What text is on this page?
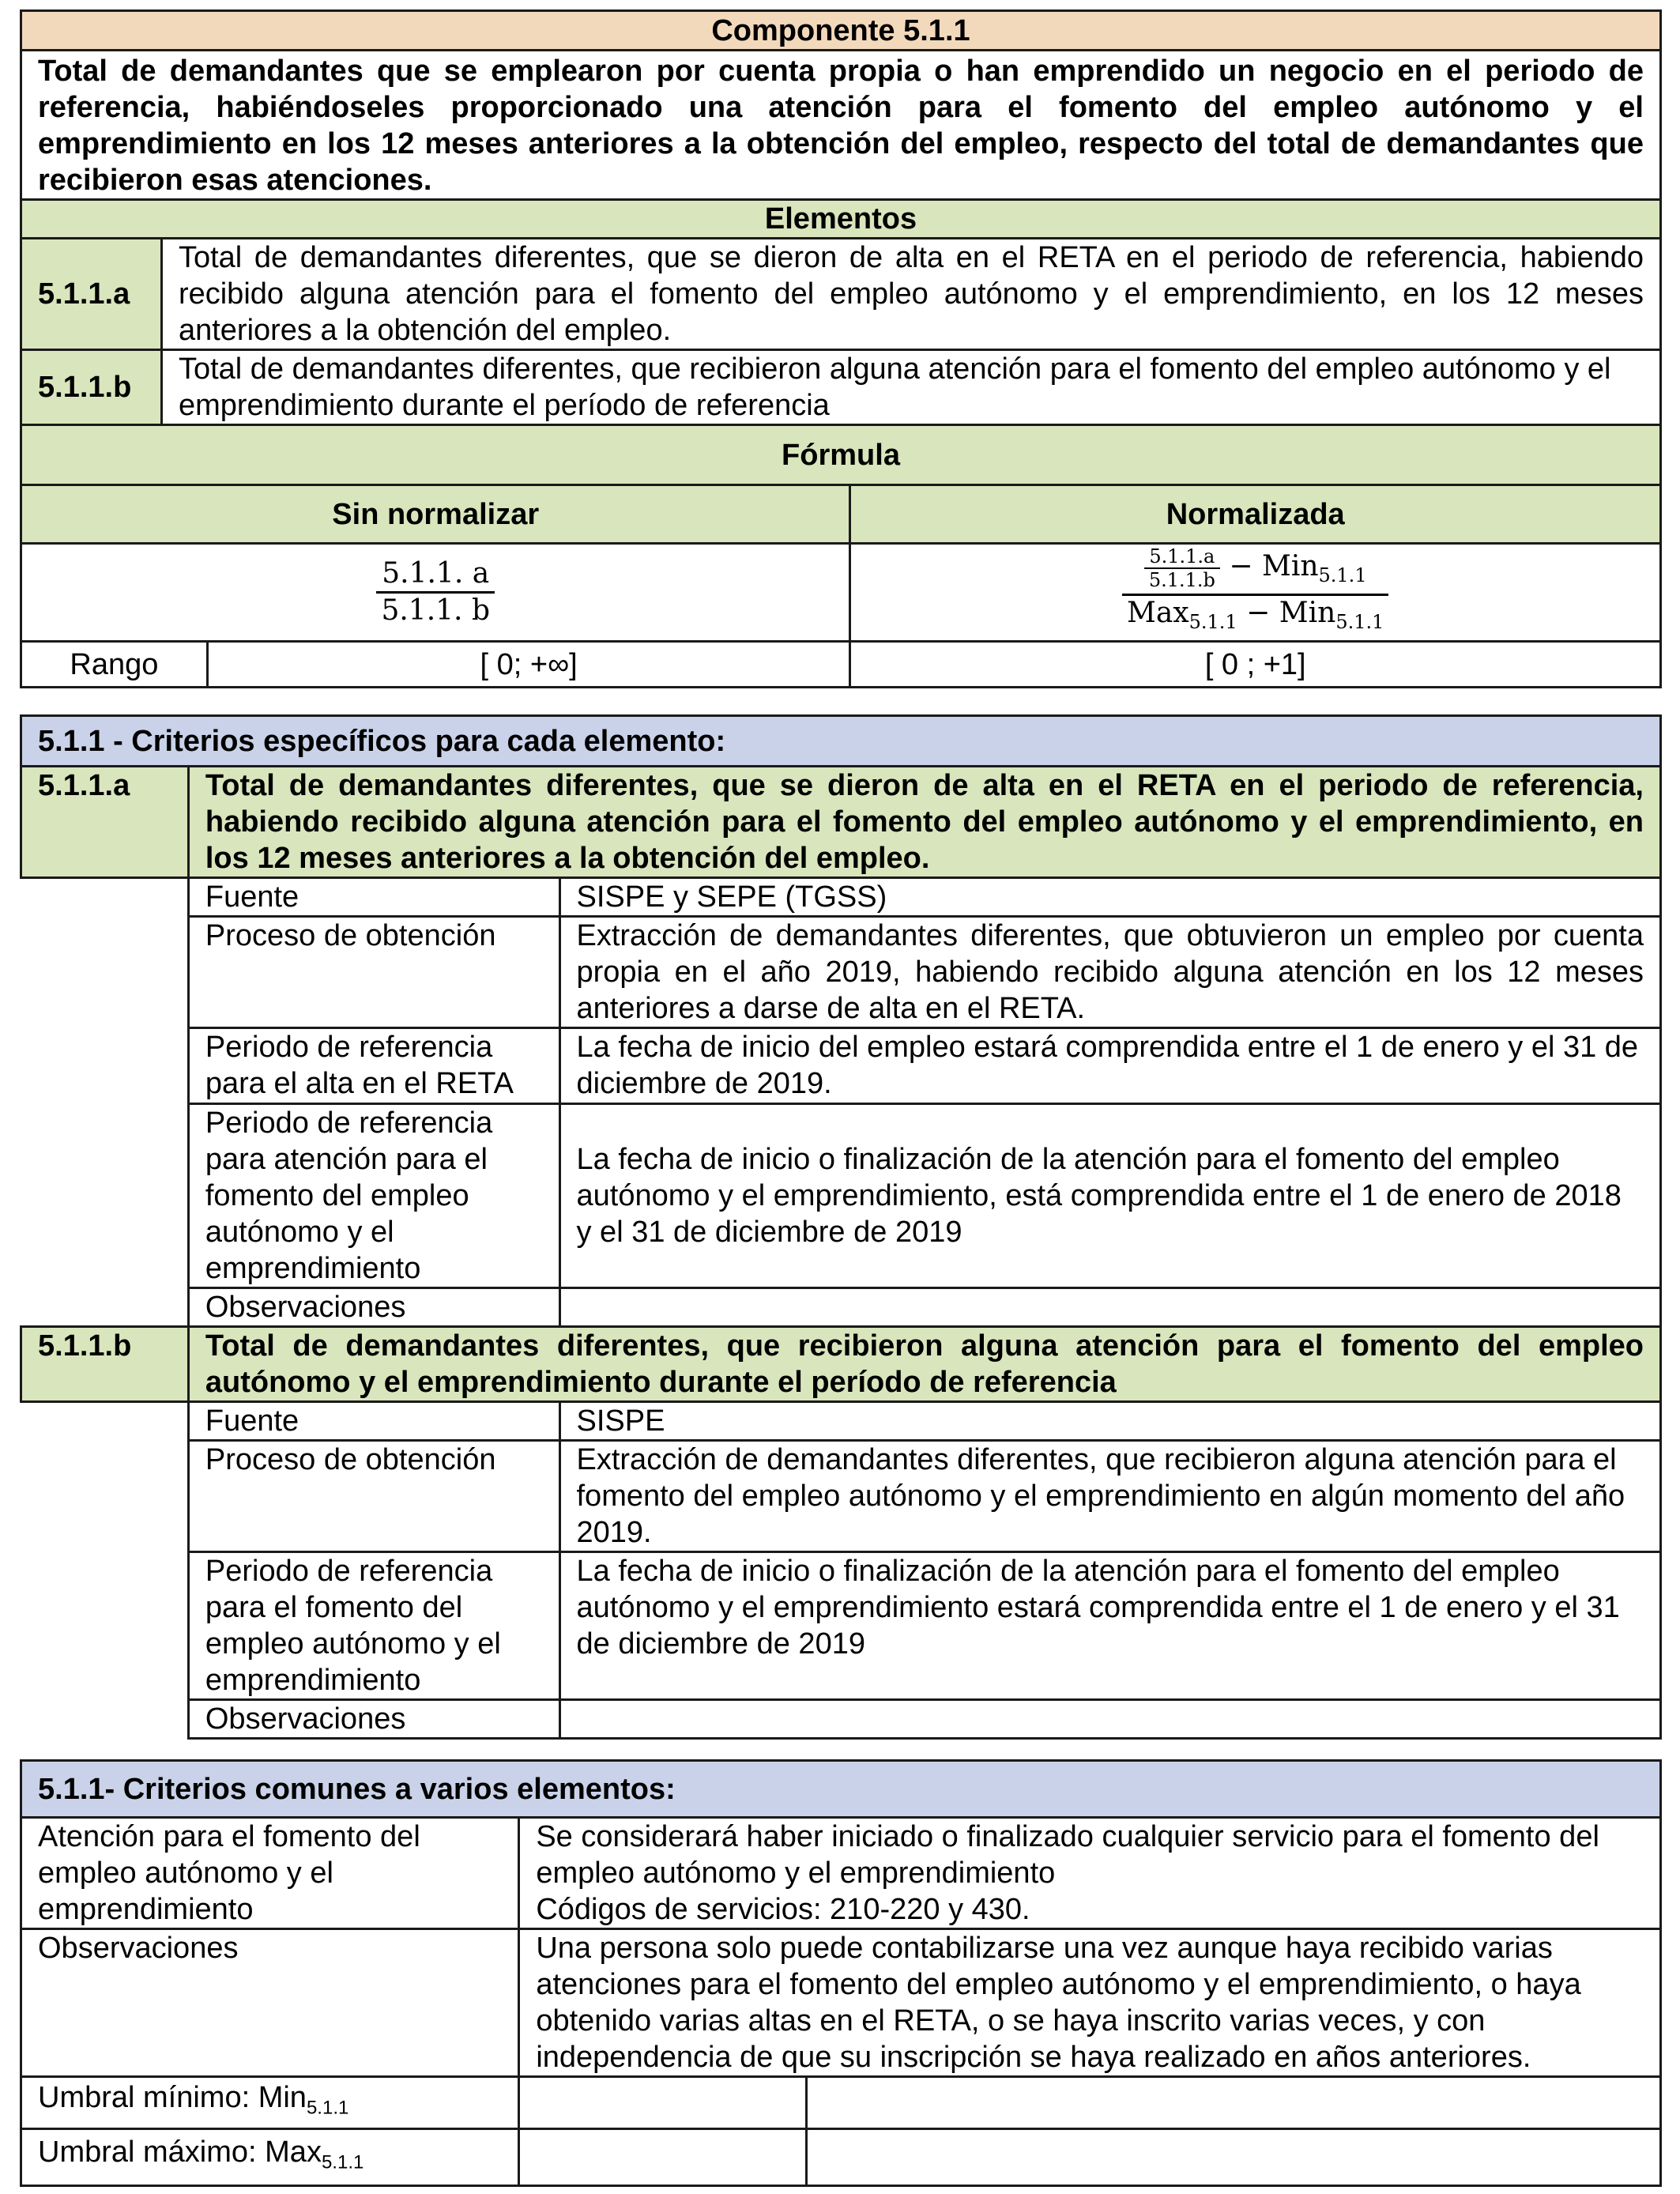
Componente 5.1.1			
Total de demandantes que se emplearon por cuenta propia o han emprendido un negocio en el periodo de referencia, habiéndoseles proporcionado una atención para el fomento del empleo autónomo y el emprendimiento en los 12 meses anteriores a la obtención del empleo, respecto del total de demandantes que recibieron esas atenciones.			
Elementos			
5.1.1.a	Total de demandantes diferentes, que se dieron de alta en el RETA en el periodo de referencia, habiendo recibido alguna atención para el fomento del empleo autónomo y el emprendimiento, en los 12 meses anteriores a la obtención del empleo.		
5.1.1.b	Total de demandantes diferentes, que recibieron alguna atención para el fomento del empleo autónomo y el emprendimiento durante el período de referencia		
Fórmula			
Sin normalizar			Normalizada

$\frac{5.1.1. a}{5.1.1. b}$			$\frac{\frac{5.1.1.a}{5.1.1.b} - Min_{5.1.1}}{Max_{5.1.1} - Min_{5.1.1}}$

Rango		[ 0; +∞]	[ 0 ; +1]
5.1.1 - Criterios específicos para cada elemento:		
5.1.1.a	Total de demandantes diferentes, que se dieron de alta en el RETA en el periodo de referencia, habiendo recibido alguna atención para el fomento del empleo autónomo y el emprendimiento, en los 12 meses anteriores a la obtención del empleo.	
	Fuente	SISPE y SEPE (TGSS)
	Proceso de obtención	Extracción de demandantes diferentes, que obtuvieron un empleo por cuenta propia en el año 2019, habiendo recibido alguna atención en los 12 meses anteriores a darse de alta en el RETA.
	Periodo de referencia para el alta en el RETA	La fecha de inicio del empleo estará comprendida entre el 1 de enero y el 31 de diciembre de 2019.
	Periodo de referencia para atención para el fomento del empleo autónomo y el emprendimiento	La fecha de inicio o finalización de la atención para el fomento del empleo autónomo y el emprendimiento, está comprendida entre el 1 de enero de 2018 y el 31 de diciembre de 2019
	Observaciones	
5.1.1.b	Total de demandantes diferentes, que recibieron alguna atención para el fomento del empleo autónomo y el emprendimiento durante el período de referencia	
	Fuente	SISPE
	Proceso de obtención	Extracción de demandantes diferentes, que recibieron alguna atención para el fomento del empleo autónomo y el emprendimiento en algún momento del año 2019.
	Periodo de referencia para el fomento del empleo autónomo y el emprendimiento	La fecha de inicio o finalización de la atención para el fomento del empleo autónomo y el emprendimiento estará comprendida entre el 1 de enero y el 31 de diciembre de 2019
	Observaciones	
5.1.1- Criterios comunes a varios elementos:		
Atención para el fomento del empleo autónomo y el emprendimiento	Se considerará haber iniciado o finalizado cualquier servicio para el fomento del empleo autónomo y el emprendimiento
Códigos de servicios: 210-220 y 430.	

Observaciones	Una persona solo puede contabilizarse una vez aunque haya recibido varias atenciones para el fomento del empleo autónomo y el emprendimiento, o haya obtenido varias altas en el RETA, o se haya inscrito varias veces, y con independencia de que su inscripción se haya realizado en años anteriores.	
Umbral mínimo: Min$_{5.1.1}$		
Umbral máximo: Max$_{5.1.1}$		
